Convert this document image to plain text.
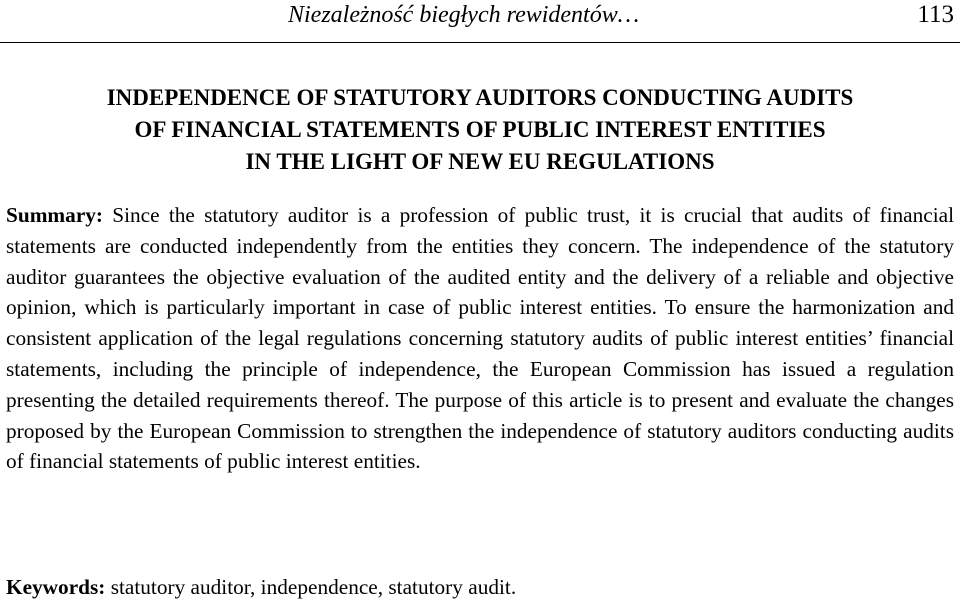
Niezależność biegłych rewidentów…	113
INDEPENDENCE OF STATUTORY AUDITORS CONDUCTING AUDITS
OF FINANCIAL STATEMENTS OF PUBLIC INTEREST ENTITIES
IN THE LIGHT OF NEW EU REGULATIONS

Summary: Since the statutory auditor is a profession of public trust, it is crucial that audits of financial statements are conducted independently from the entities they concern. The independence of the statutory auditor guarantees the objective evaluation of the audited entity and the delivery of a reliable and objective opinion, which is particularly important in case of public interest entities. To ensure the harmonization and consistent application of the legal regulations concerning statutory audits of public interest entities’ financial statements, including the principle of independence, the European Commission has issued a regulation presenting the detailed requirements thereof. The purpose of this article is to present and evaluate the changes proposed by the European Commission to strengthen the independence of statutory auditors conducting audits of financial statements of public interest entities.

Keywords: statutory auditor, independence, statutory audit.
